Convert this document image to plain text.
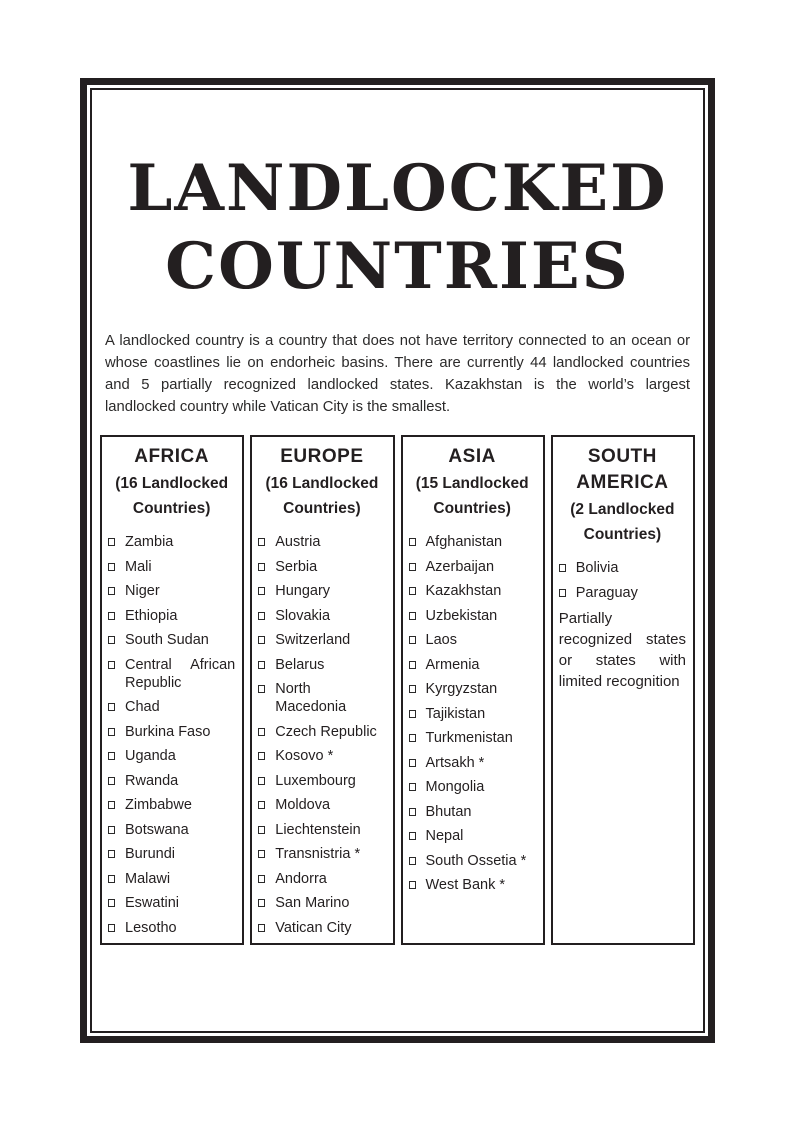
LANDLOCKED
COUNTRIES

A landlocked country is a country that does not have territory connected to an ocean or whose coastlines lie on endorheic basins. There are currently 44 landlocked countries and 5 partially recognized landlocked states. Kazakhstan is the world’s largest landlocked country while Vatican City is the smallest.

AFRICA
(16 Landlocked Countries)
Zambia
Mali
Niger
Ethiopia
South Sudan
Central African Republic
Chad
Burkina Faso
Uganda
Rwanda
Zimbabwe
Botswana
Burundi
Malawi
Eswatini
Lesotho
EUROPE
(16 Landlocked Countries)
Austria
Serbia
Hungary
Slovakia
Switzerland
Belarus
North Macedonia
Czech Republic
Kosovo *
Luxembourg
Moldova
Liechtenstein
Transnistria *
Andorra
San Marino
Vatican City
ASIA
(15 Landlocked Countries)
Afghanistan
Azerbaijan
Kazakhstan
Uzbekistan
Laos
Armenia
Kyrgyzstan
Tajikistan
Turkmenistan
Artsakh *
Mongolia
Bhutan
Nepal
South Ossetia *
West Bank *
SOUTH AMERICA
(2 Landlocked Countries)
Bolivia
Paraguay
Partially recognized states or states with limited recognition
